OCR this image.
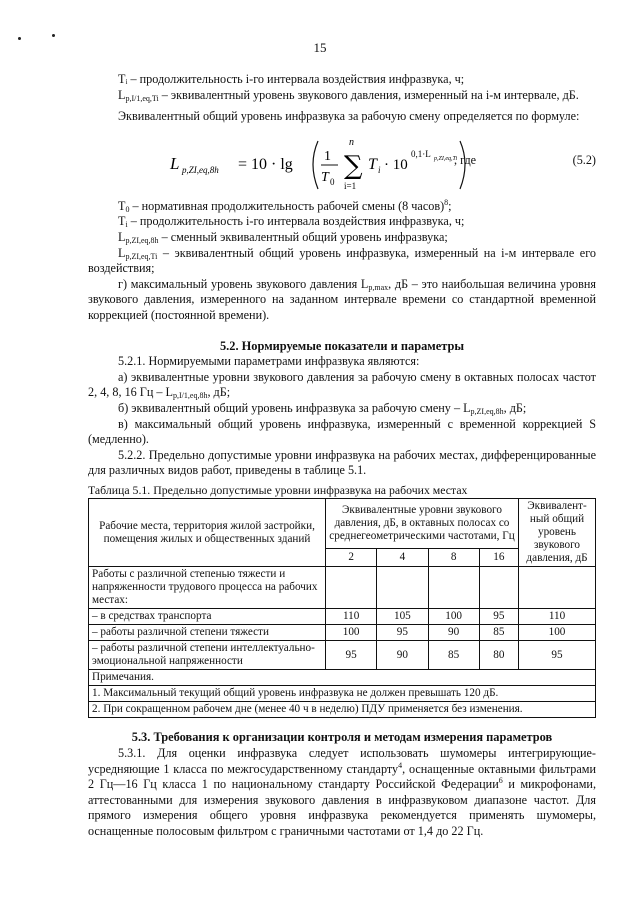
15

Tᵢ – продолжительность i-го интервала воздействия инфразвука, ч;

$L_{p,I/1,eq,Ti}$ – эквивалентный уровень звукового давления, измеренный на i-м интервале, дБ.

Эквивалентный общий уровень инфразвука за рабочую смену определяется по формуле:

L p,ZI,eq,8h = 10 · lg 1
T 0
n
∑
i=1
T i · 10
0,1·L p,ZI,eq,Ti
, где	(5.2)

$T_0$ – нормативная продолжительность рабочей смены (8 часов)$^8$;

$T_i$ – продолжительность i-го интервала воздействия инфразвука, ч;

$L_{p,ZI,eq,8h}$ – сменный эквивалентный общий уровень инфразвука;

$L_{p,ZI,eq,Ti}$ – эквивалентный общий уровень инфразвука, измеренный на i-м интервале его воздействия;

г) максимальный уровень звукового давления $L_{p,max}$, дБ – это наибольшая величина уровня звукового давления, измеренного на заданном интервале времени со стандартной временной коррекцией (постоянной времени).

5.2. Нормируемые показатели и параметры

5.2.1. Нормируемыми параметрами инфразвука являются:

а) эквивалентные уровни звукового давления за рабочую смену в октавных полосах частот 2, 4, 8, 16 Гц – $L_{p,I/1,eq,8h}$, дБ;

б) эквивалентный общий уровень инфразвука за рабочую смену – $L_{p,ZI,eq,8h}$, дБ;

в) максимальный общий уровень инфразвука, измеренный с временной коррекцией S (медленно).

5.2.2. Предельно допустимые уровни инфразвука на рабочих местах, дифференцированные для различных видов работ, приведены в таблице 5.1.

Таблица 5.1. Предельно допустимые уровни инфразвука на рабочих местах
Рабочие места, территория жилой застройки, помещения жилых и общественных зданий	Эквивалентные уровни звукового давления, дБ, в октавных полосах со среднегеометрическими частотами, Гц				Эквивалент-ный общий уровень звукового давления, дБ
	2	4	8	16	
Работы с различной степенью тяжести и напряженности трудового процесса на рабочих местах:					
– в средствах транспорта	110	105	100	95	110
– работы различной степени тяжести	100	95	90	85	100
– работы различной степени интеллектуально-эмоциональной напряженности	95	90	85	80	95
Примечания.					
1. Максимальный текущий общий уровень инфразвука не должен превышать 120 дБ.					
2. При сокращенном рабочем дне (менее 40 ч в неделю) ПДУ применяется без изменения.					
5.3. Требования к организации контроля и методам измерения параметров

5.3.1. Для оценки инфразвука следует использовать шумомеры интегрирующие-усредняющие 1 класса по межгосударственному стандарту$^4$, оснащенные октавными фильтрами 2 Гц—16 Гц класса 1 по национальному стандарту Российской Федерации$^6$ и микрофонами, аттестованными для измерения звукового давления в инфразвуковом диапазоне частот. Для прямого измерения общего уровня инфразвука рекомендуется применять шумомеры, оснащенные полосовым фильтром с граничными частотами от 1,4 до 22 Гц.
